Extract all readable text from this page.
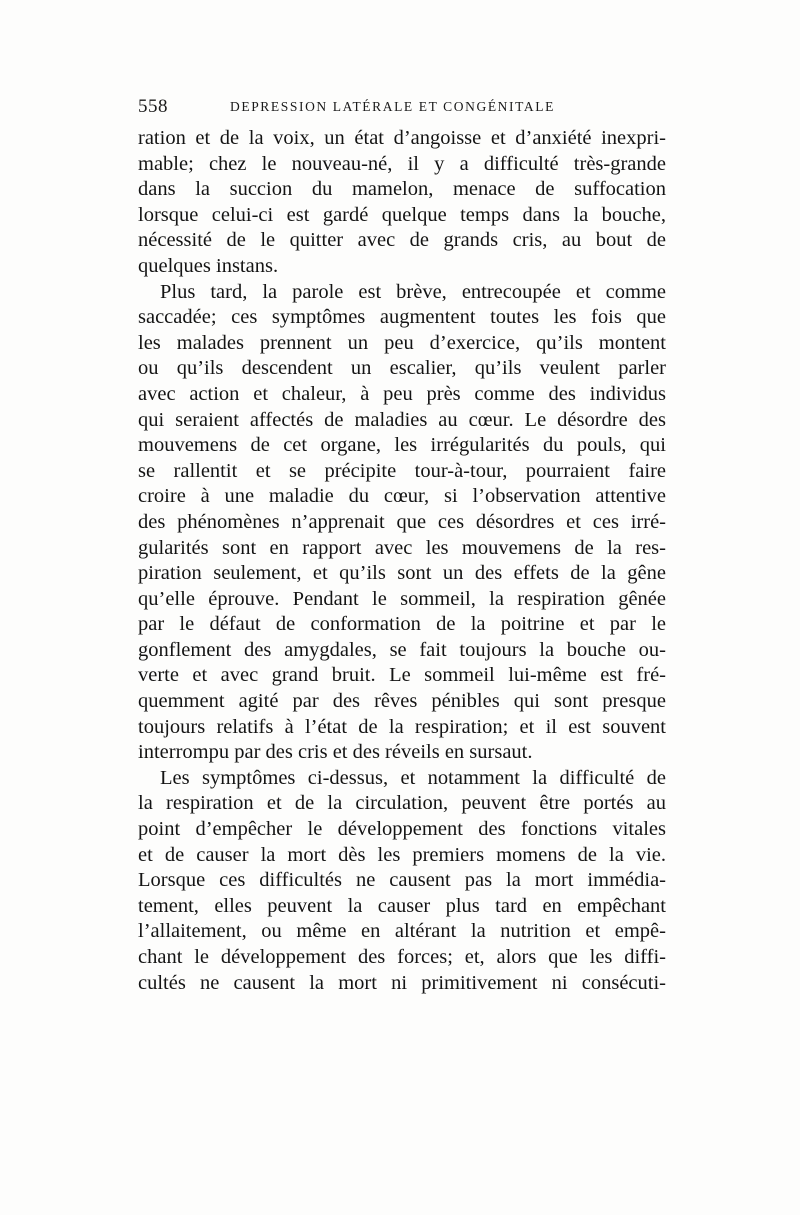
558	DEPRESSION LATÉRALE ET CONGÉNITALE
ration et de la voix, un état d’angoisse et d’anxiété inexpri-
mable; chez le nouveau-né, il y a difficulté très-grande
dans la succion du mamelon, menace de suffocation
lorsque celui-ci est gardé quelque temps dans la bouche,
nécessité de le quitter avec de grands cris, au bout de
quelques instans.
Plus tard, la parole est brève, entrecoupée et comme
saccadée; ces symptômes augmentent toutes les fois que
les malades prennent un peu d’exercice, qu’ils montent
ou qu’ils descendent un escalier, qu’ils veulent parler
avec action et chaleur, à peu près comme des individus
qui seraient affectés de maladies au cœur. Le désordre des
mouvemens de cet organe, les irrégularités du pouls, qui
se rallentit et se précipite tour-à-tour, pourraient faire
croire à une maladie du cœur, si l’observation attentive
des phénomènes n’apprenait que ces désordres et ces irré-
gularités sont en rapport avec les mouvemens de la res-
piration seulement, et qu’ils sont un des effets de la gêne
qu’elle éprouve. Pendant le sommeil, la respiration gênée
par le défaut de conformation de la poitrine et par le
gonflement des amygdales, se fait toujours la bouche ou-
verte et avec grand bruit. Le sommeil lui-même est fré-
quemment agité par des rêves pénibles qui sont presque
toujours relatifs à l’état de la respiration; et il est souvent
interrompu par des cris et des réveils en sursaut.
Les symptômes ci-dessus, et notamment la difficulté de
la respiration et de la circulation, peuvent être portés au
point d’empêcher le développement des fonctions vitales
et de causer la mort dès les premiers momens de la vie.
Lorsque ces difficultés ne causent pas la mort immédia-
tement, elles peuvent la causer plus tard en empêchant
l’allaitement, ou même en altérant la nutrition et empê-
chant le développement des forces; et, alors que les diffi-
cultés ne causent la mort ni primitivement ni consécuti-
